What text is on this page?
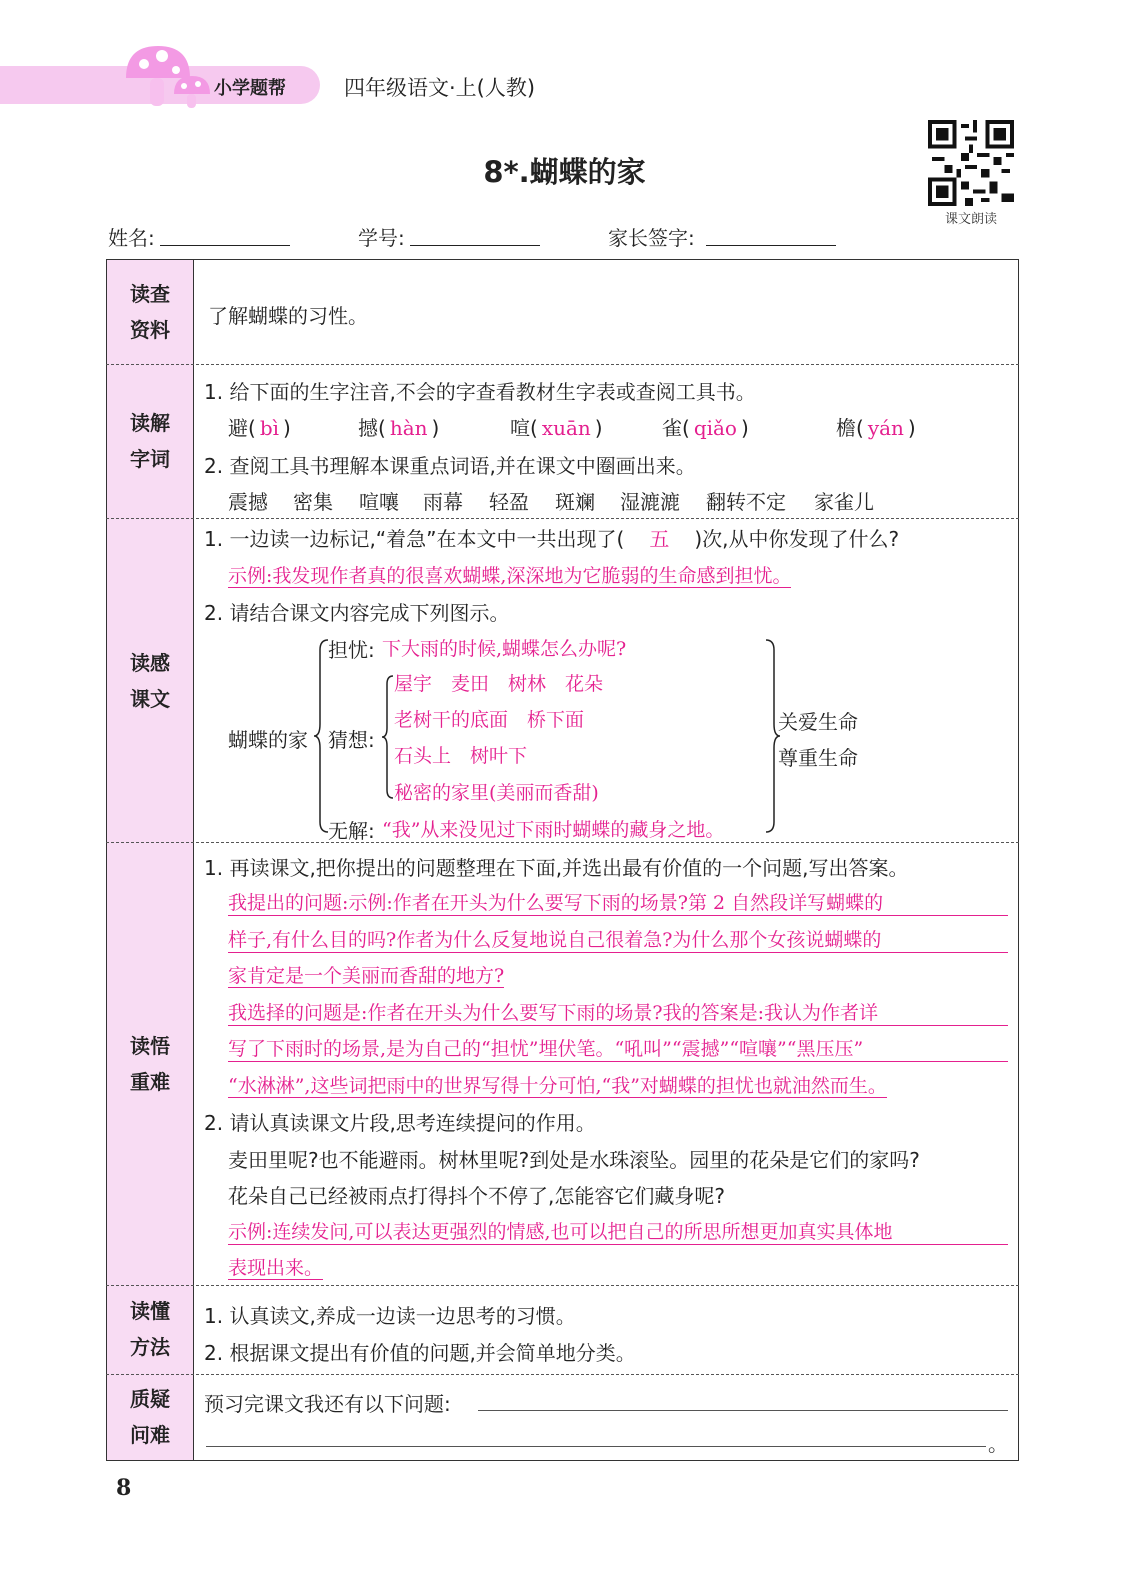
小学题帮	四年级语文·上(人教)
8*.蝴蝶的家
课文朗读
姓名:	学号:	家长签字:
读查
资料
了解蝴蝶的习性。
读解
字词
1. 给下面的生字注音,不会的字查看教材生字表或查阅工具书。
避( bì )	撼( hàn )	喧( xuān )	雀( qiǎo )	檐( yán )
2. 查阅工具书理解本课重点词语,并在课文中圈画出来。
震撼 密集 喧嚷 雨幕 轻盈 斑斓 湿漉漉 翻转不定 家雀儿
读感
课文
1. 一边读一边标记,“着急”在本文中一共出现了( 五 )次,从中你发现了什么?
示例:我发现作者真的很喜欢蝴蝶,深深地为它脆弱的生命感到担忧。
2. 请结合课文内容完成下列图示。
蝴蝶的家
担忧: 下大雨的时候,蝴蝶怎么办呢?
猜想:
屋宇　麦田　树林　花朵
老树干的底面　桥下面
石头上　树叶下
秘密的家里(美丽而香甜)
无解: “我”从来没见过下雨时蝴蝶的藏身之地。
关爱生命
尊重生命
读悟
重难
1. 再读课文,把你提出的问题整理在下面,并选出最有价值的一个问题,写出答案。
我提出的问题:示例:作者在开头为什么要写下雨的场景?第 2 自然段详写蝴蝶的
样子,有什么目的吗?作者为什么反复地说自己很着急?为什么那个女孩说蝴蝶的
家肯定是一个美丽而香甜的地方?
我选择的问题是:作者在开头为什么要写下雨的场景?我的答案是:我认为作者详
写了下雨时的场景,是为自己的“担忧”埋伏笔。“吼叫”“震撼”“喧嚷”“黑压压”
“水淋淋”,这些词把雨中的世界写得十分可怕,“我”对蝴蝶的担忧也就油然而生。
2. 请认真读课文片段,思考连续提问的作用。
麦田里呢?也不能避雨。树林里呢?到处是水珠滚坠。园里的花朵是它们的家吗?
花朵自己已经被雨点打得抖个不停了,怎能容它们藏身呢?
示例:连续发问,可以表达更强烈的情感,也可以把自己的所思所想更加真实具体地
表现出来。
读懂
方法
1. 认真读文,养成一边读一边思考的习惯。
2. 根据课文提出有价值的问题,并会简单地分类。
质疑
问难
预习完课文我还有以下问题:
。
8
